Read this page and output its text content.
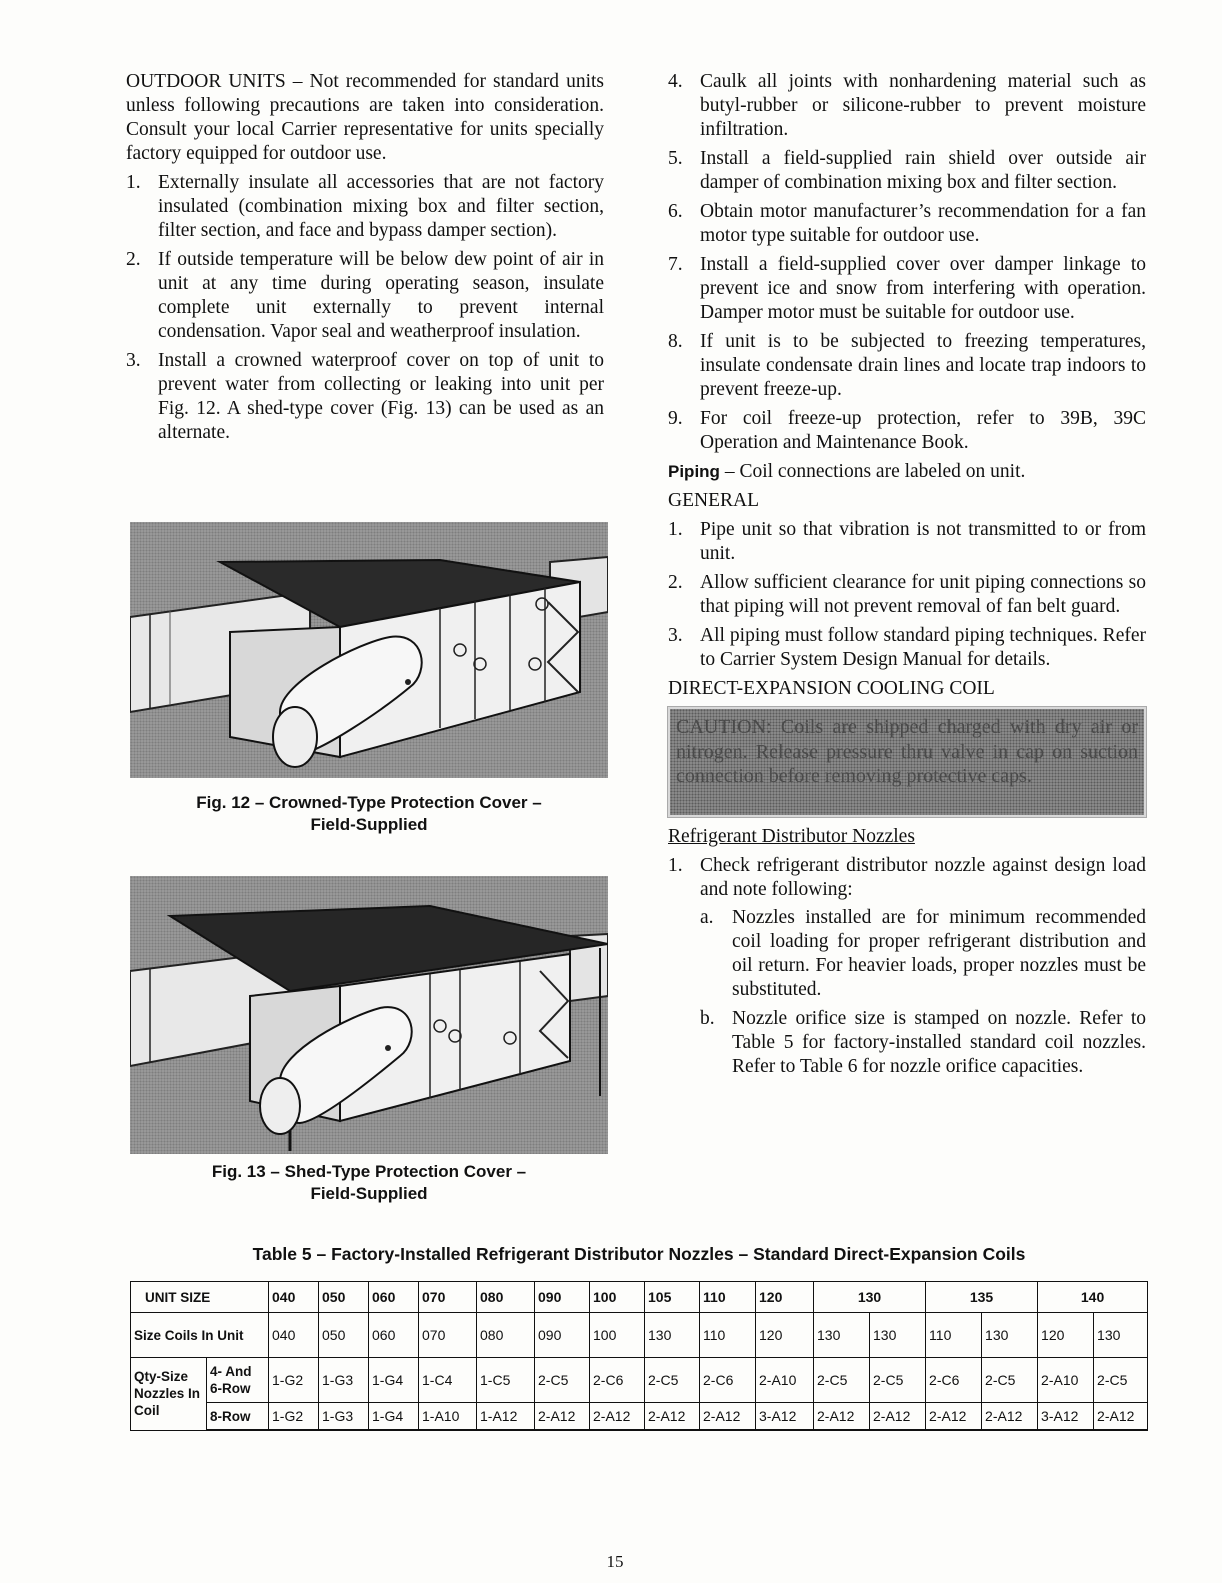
OUTDOOR UNITS – Not recommended for standard units unless following precautions are taken into consideration. Consult your local Carrier representative for units specially factory equipped for outdoor use.

1. Externally insulate all accessories that are not factory insulated (combination mixing box and filter section, filter section, and face and bypass damper section).
2. If outside temperature will be below dew point of air in unit at any time during operating season, insulate complete unit externally to prevent internal condensation. Vapor seal and weatherproof insulation.
3. Install a crowned waterproof cover on top of unit to prevent water from collecting or leaking into unit per Fig. 12. A shed-type cover (Fig. 13) can be used as an alternate.
Fig. 12 – Crowned-Type Protection Cover –
Field-Supplied
Fig. 13 – Shed-Type Protection Cover –
Field-Supplied
4. Caulk all joints with nonhardening material such as butyl-rubber or silicone-rubber to prevent moisture infiltration.
5. Install a field-supplied rain shield over outside air damper of combination mixing box and filter section.
6. Obtain motor manufacturer’s recommendation for a fan motor type suitable for outdoor use.
7. Install a field-supplied cover over damper linkage to prevent ice and snow from interfering with operation. Damper motor must be suitable for outdoor use.
8. If unit is to be subjected to freezing temperatures, insulate condensate drain lines and locate trap indoors to prevent freeze-up.
9. For coil freeze-up protection, refer to 39B, 39C Operation and Maintenance Book.

Piping – Coil connections are labeled on unit.

GENERAL

1. Pipe unit so that vibration is not transmitted to or from unit.
2. Allow sufficient clearance for unit piping connections so that piping will not prevent removal of fan belt guard.
3. All piping must follow standard piping techniques. Refer to Carrier System Design Manual for details.

DIRECT-EXPANSION COOLING COIL

CAUTION: Coils are shipped charged with dry air or nitrogen. Release pressure thru valve in cap on suction connection before removing protective caps.

Refrigerant Distributor Nozzles

1. Check refrigerant distributor nozzle against design load and note following:
a. Nozzles installed are for minimum recommended coil loading for proper refrigerant distribution and oil return. For heavier loads, proper nozzles must be substituted.
b. Nozzle orifice size is stamped on nozzle. Refer to Table 5 for factory-installed standard coil nozzles. Refer to Table 6 for nozzle orifice capacities.
Table 5 – Factory-Installed Refrigerant Distributor Nozzles – Standard Direct-Expansion Coils
UNIT SIZE		040	050	060	070	080	090	100	105	110	120	130		135		140	
Size Coils In Unit		040	050	060	070	080	090	100	130	110	120	130	130	110	130	120	130
Qty-Size Nozzles In Coil	4- And 6-Row	1-G2	1-G3	1-G4	1-C4	1-C5	2-C5	2-C6	2-C5	2-C6	2-A10	2-C5	2-C5	2-C6	2-C5	2-A10	2-C5
	8-Row	1-G2	1-G3	1-G4	1-A10	1-A12	2-A12	2-A12	2-A12	2-A12	3-A12	2-A12	2-A12	2-A12	2-A12	3-A12	2-A12
15
